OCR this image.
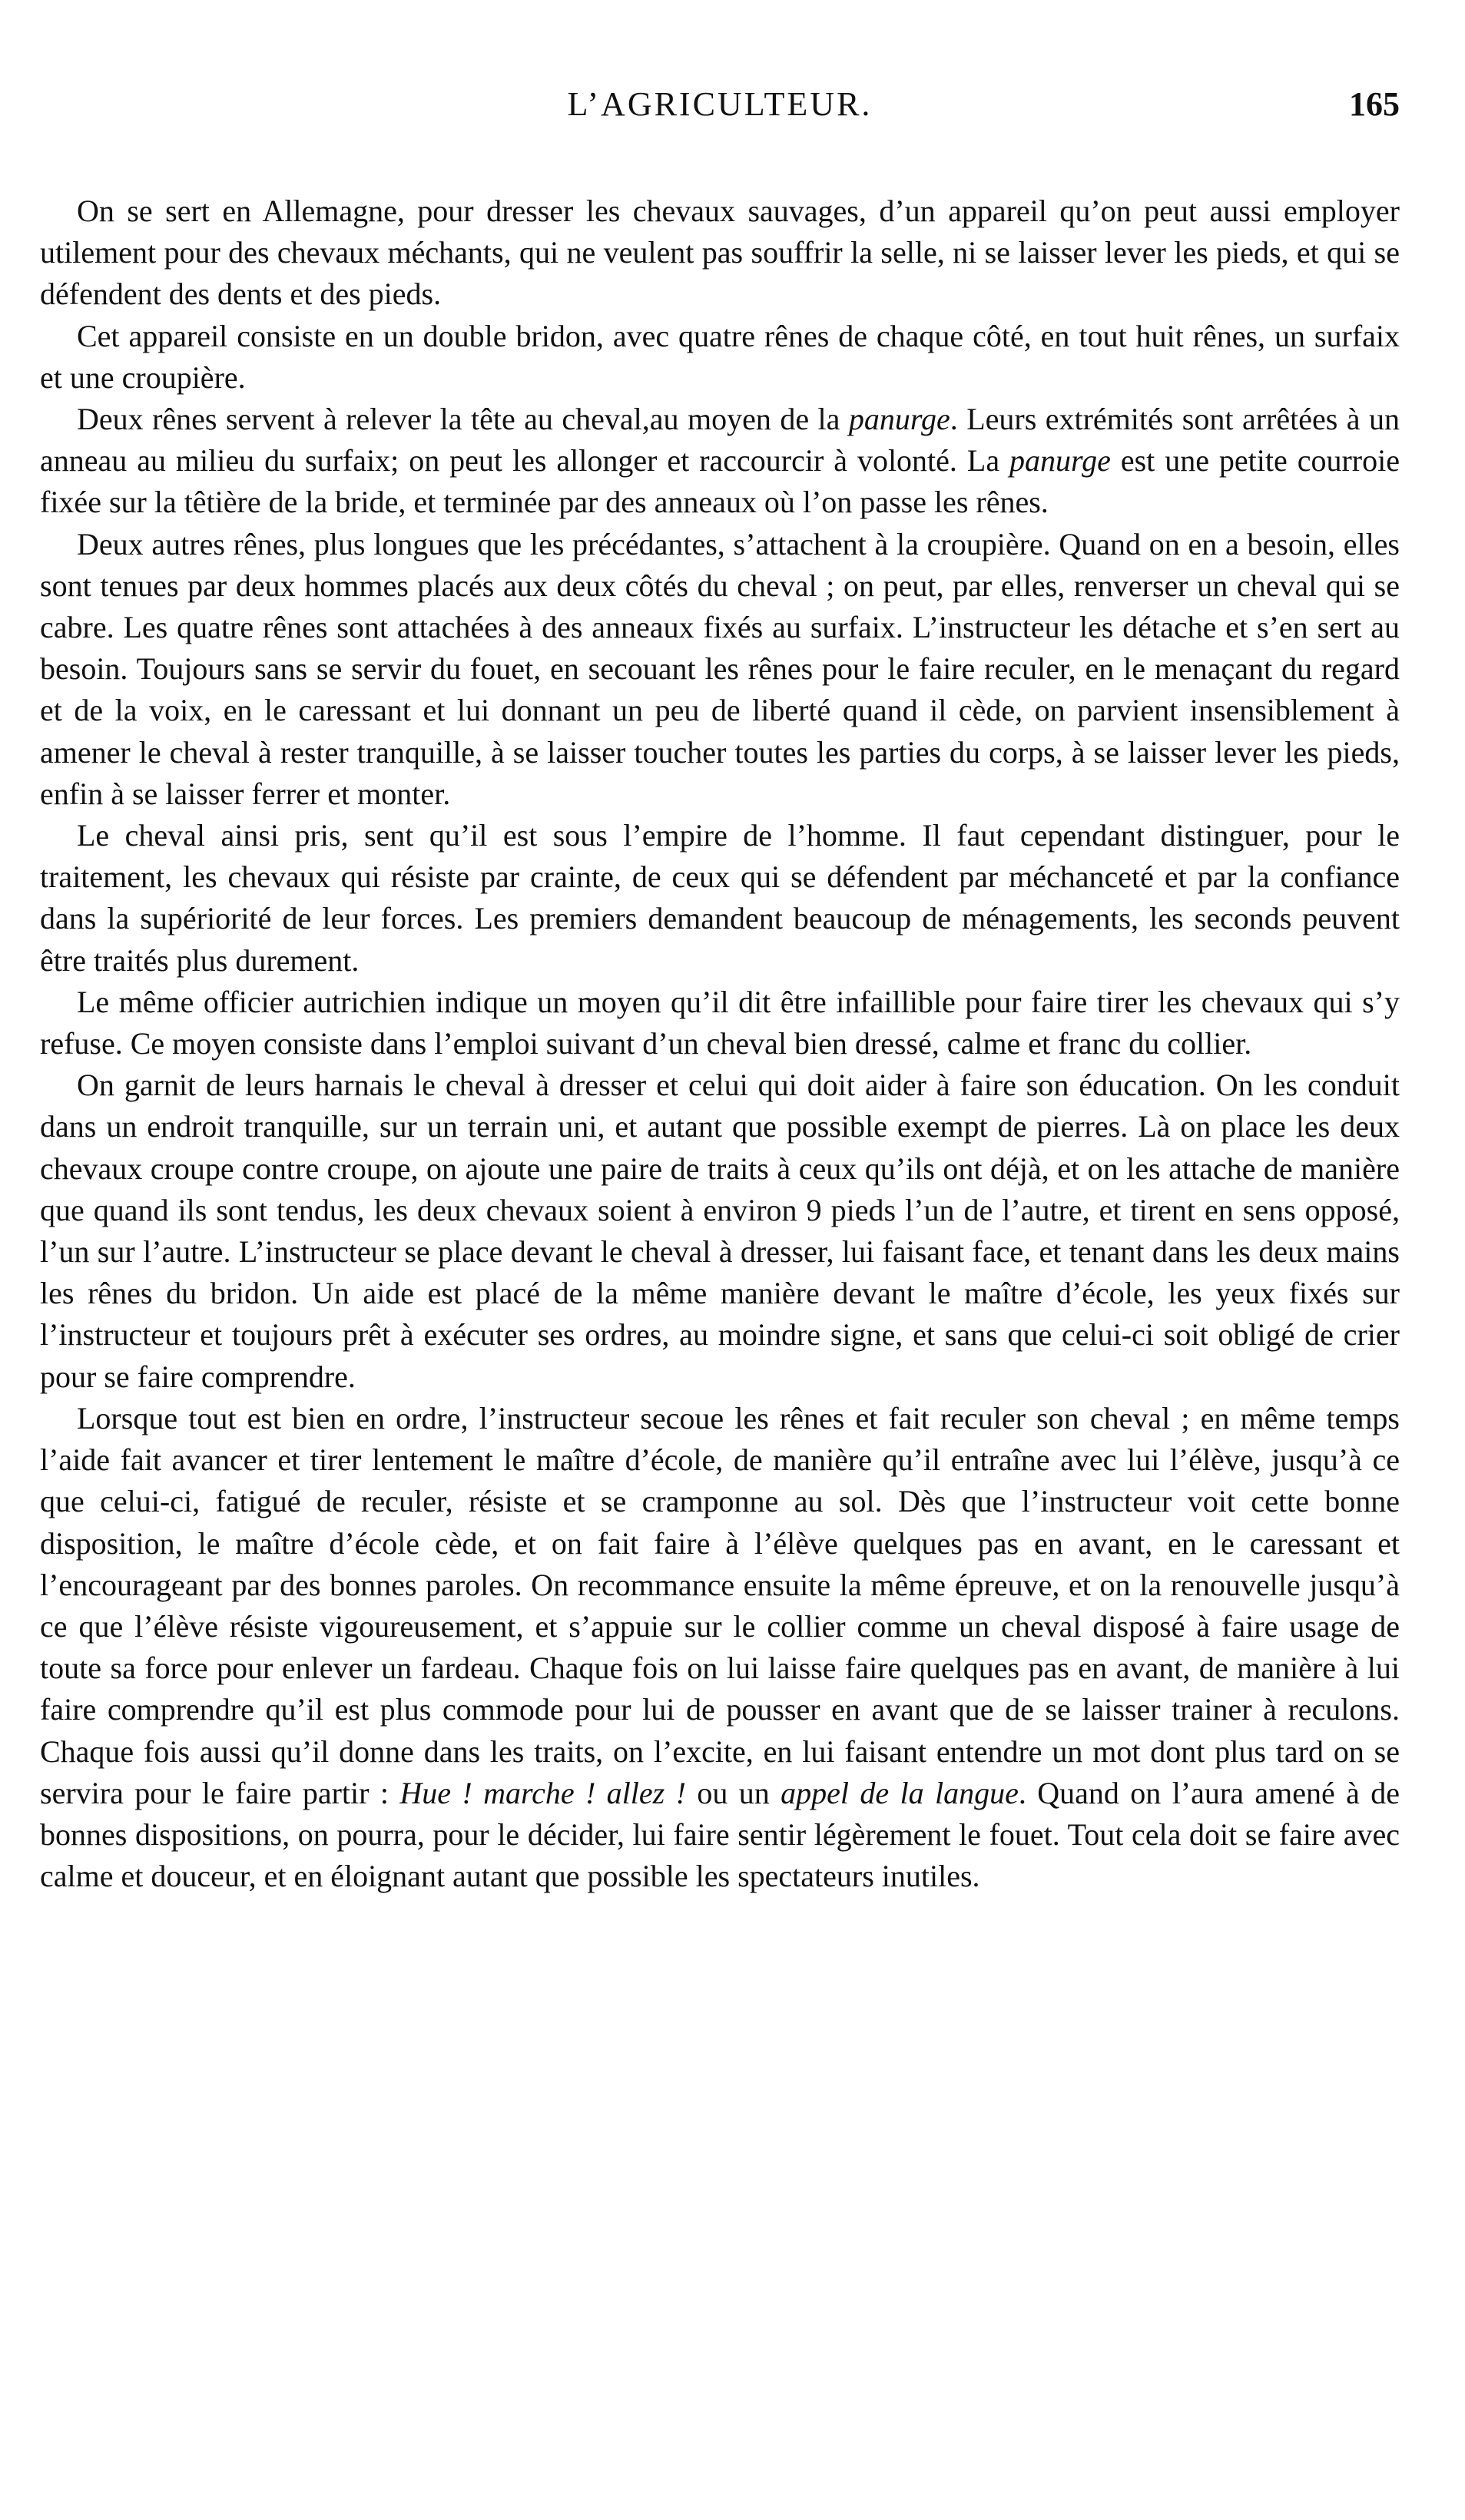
L’AGRICULTEUR.	165

On se sert en Allemagne, pour dresser les chevaux sauvages, d’un appareil qu’on peut aussi employer utilement pour des chevaux méchants, qui ne veulent pas souffrir la selle, ni se laisser lever les pieds, et qui se défendent des dents et des pieds.

Cet appareil consiste en un double bridon, avec quatre rênes de chaque côté, en tout huit rênes, un surfaix et une croupière.

Deux rênes servent à relever la tête au cheval,au moyen de la panurge. Leurs extrémités sont arrêtées à un anneau au milieu du surfaix; on peut les allonger et raccourcir à volonté. La panurge est une petite courroie fixée sur la têtière de la bride, et terminée par des anneaux où l’on passe les rênes.

Deux autres rênes, plus longues que les précédantes, s’attachent à la croupière. Quand on en a besoin, elles sont tenues par deux hommes placés aux deux côtés du cheval ; on peut, par elles, renverser un cheval qui se cabre. Les quatre rênes sont attachées à des anneaux fixés au surfaix. L’instructeur les détache et s’en sert au besoin. Toujours sans se servir du fouet, en secouant les rênes pour le faire reculer, en le menaçant du regard et de la voix, en le caressant et lui donnant un peu de liberté quand il cède, on parvient insensiblement à amener le cheval à rester tranquille, à se laisser toucher toutes les parties du corps, à se laisser lever les pieds, enfin à se laisser ferrer et monter.

Le cheval ainsi pris, sent qu’il est sous l’empire de l’homme. Il faut cependant distinguer, pour le traitement, les chevaux qui résiste par crainte, de ceux qui se défendent par méchanceté et par la confiance dans la supériorité de leur forces. Les premiers demandent beaucoup de ménagements, les seconds peuvent être traités plus durement.

Le même officier autrichien indique un moyen qu’il dit être infaillible pour faire tirer les chevaux qui s’y refuse. Ce moyen consiste dans l’emploi suivant d’un cheval bien dressé, calme et franc du collier.

On garnit de leurs harnais le cheval à dresser et celui qui doit aider à faire son éducation. On les conduit dans un endroit tranquille, sur un terrain uni, et autant que possible exempt de pierres. Là on place les deux chevaux croupe contre croupe, on ajoute une paire de traits à ceux qu’ils ont déjà, et on les attache de manière que quand ils sont tendus, les deux chevaux soient à environ 9 pieds l’un de l’autre, et tirent en sens opposé, l’un sur l’autre. L’instructeur se place devant le cheval à dresser, lui faisant face, et tenant dans les deux mains les rênes du bridon. Un aide est placé de la même manière devant le maître d’école, les yeux fixés sur l’instructeur et toujours prêt à exécuter ses ordres, au moindre signe, et sans que celui-ci soit obligé de crier pour se faire comprendre.

Lorsque tout est bien en ordre, l’instructeur secoue les rênes et fait reculer son cheval ; en même temps l’aide fait avancer et tirer lentement le maître d’école, de manière qu’il entraîne avec lui l’élève, jusqu’à ce que celui-ci, fatigué de reculer, résiste et se cramponne au sol. Dès que l’instructeur voit cette bonne disposition, le maître d’école cède, et on fait faire à l’élève quelques pas en avant, en le caressant et l’encourageant par des bonnes paroles. On recommance ensuite la même épreuve, et on la renouvelle jusqu’à ce que l’élève résiste vigoureusement, et s’appuie sur le collier comme un cheval disposé à faire usage de toute sa force pour enlever un fardeau. Chaque fois on lui laisse faire quelques pas en avant, de manière à lui faire comprendre qu’il est plus commode pour lui de pousser en avant que de se laisser trainer à reculons. Chaque fois aussi qu’il donne dans les traits, on l’excite, en lui faisant entendre un mot dont plus tard on se servira pour le faire partir : Hue ! marche ! allez ! ou un appel de la langue. Quand on l’aura amené à de bonnes dispositions, on pourra, pour le décider, lui faire sentir légèrement le fouet. Tout cela doit se faire avec calme et douceur, et en éloignant autant que possible les spectateurs inutiles.
